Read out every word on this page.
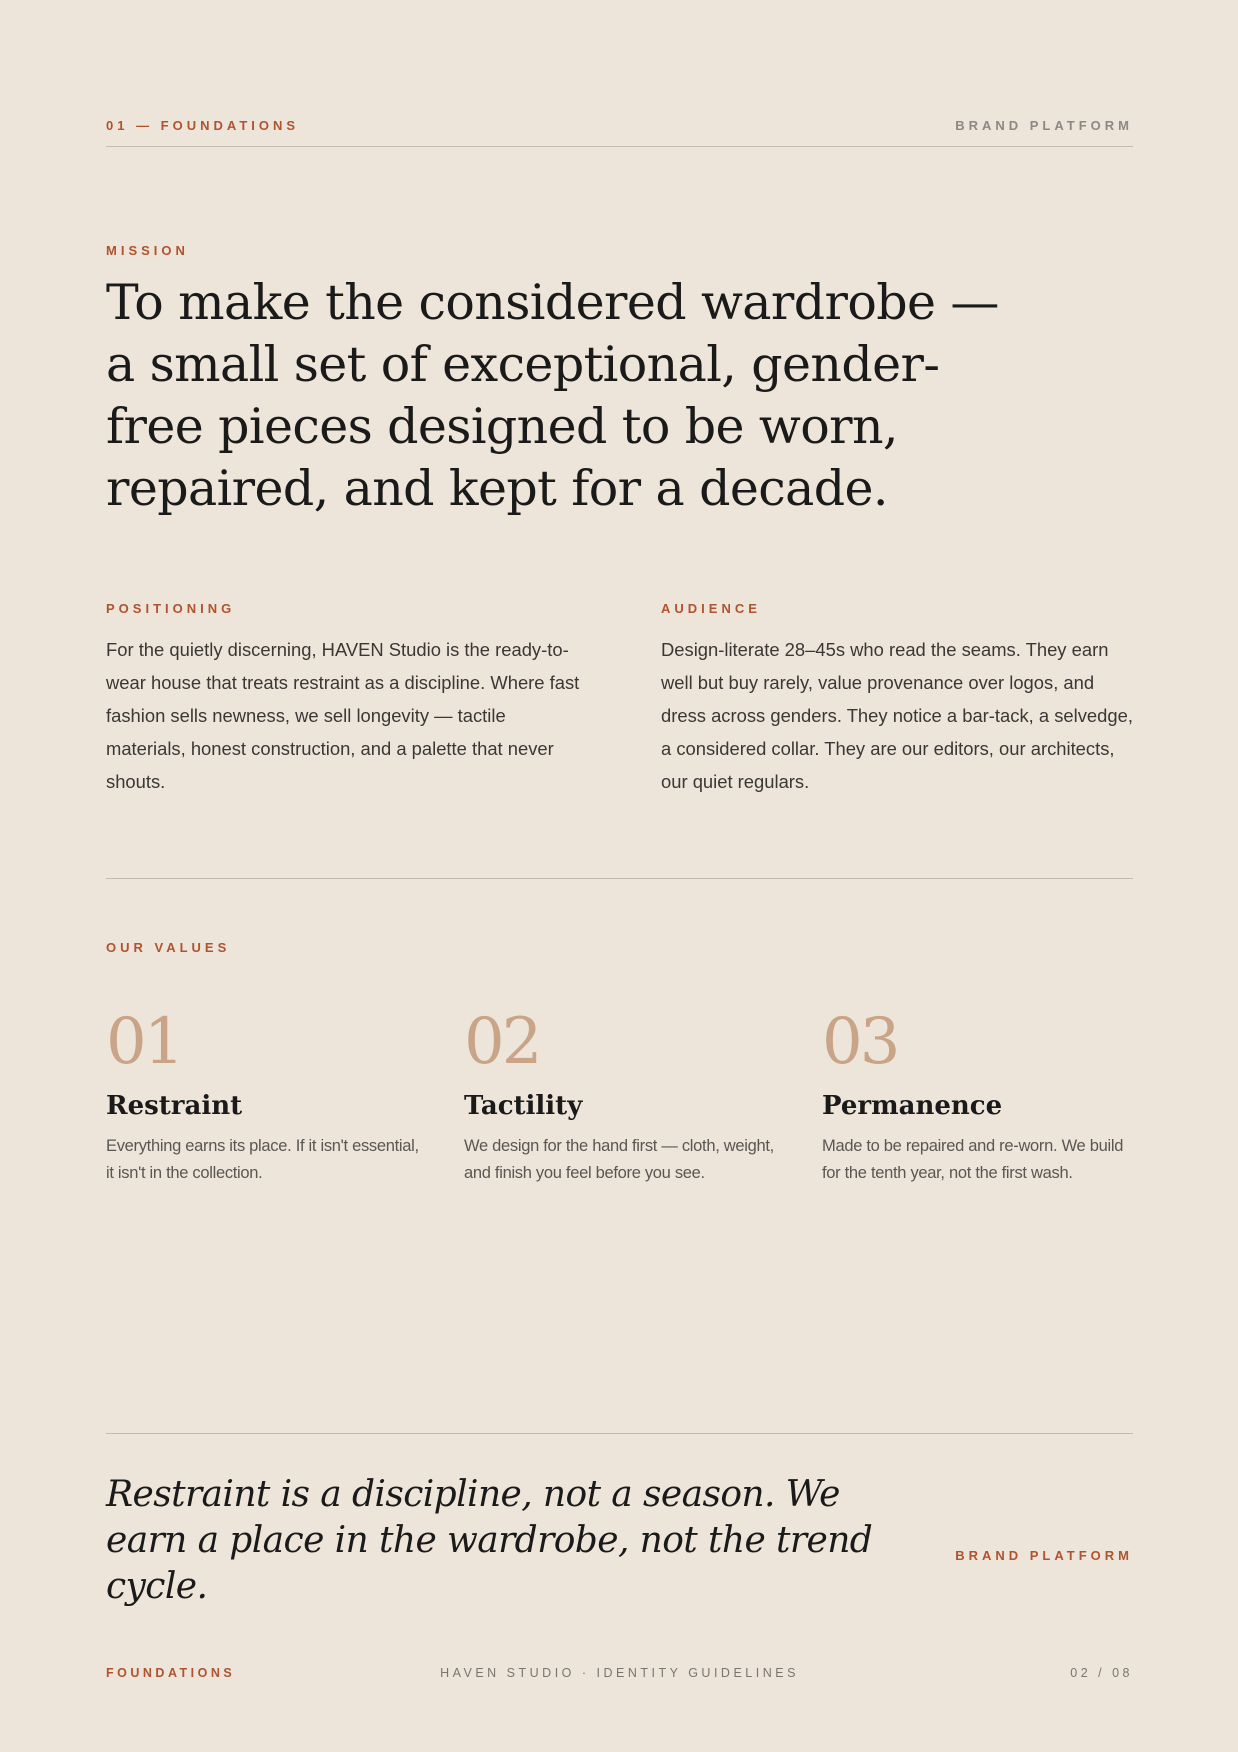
01 — FOUNDATIONS	BRAND PLATFORM
MISSION
To make the considered wardrobe — a small set of exceptional, gender-free pieces designed to be worn, repaired, and kept for a decade.
POSITIONING

For the quietly discerning, HAVEN Studio is the ready-to-wear house that treats restraint as a discipline. Where fast fashion sells newness, we sell longevity — tactile materials, honest construction, and a palette that never shouts.

AUDIENCE

Design-literate 28–45s who read the seams. They earn well but buy rarely, value provenance over logos, and dress across genders. They notice a bar-tack, a selvedge, a considered collar. They are our editors, our architects, our quiet regulars.

OUR VALUES
01
Restraint

Everything earns its place. If it isn't essential, it isn't in the collection.

02
Tactility

We design for the hand first — cloth, weight, and finish you feel before you see.

03
Permanence

Made to be repaired and re-worn. We build for the tenth year, not the first wash.

Restraint is a discipline, not a season. We earn a place in the wardrobe, not the trend cycle.
BRAND PLATFORM
HAVEN STUDIO · IDENTITY GUIDELINES
FOUNDATIONS	02 / 08
